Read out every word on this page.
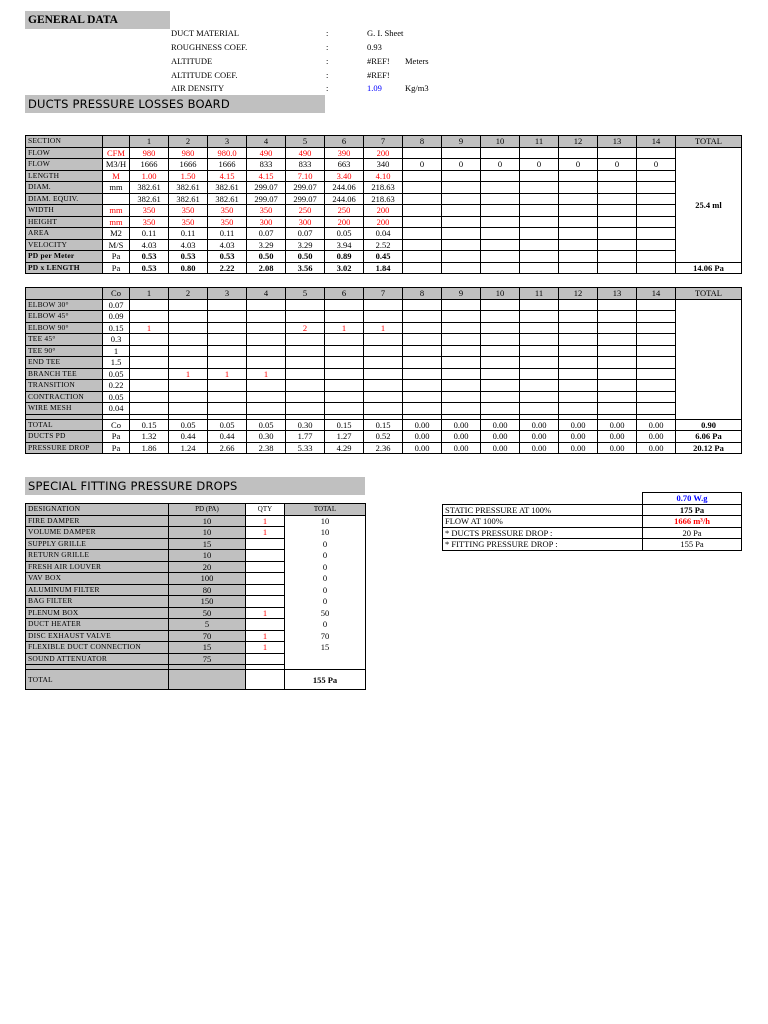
GENERAL DATA
DUCT MATERIAL	:	G. I. Sheet
ROUGHNESS COEF.	:	0.93
ALTITUDE	:	#REF!	Meters
ALTITUDE COEF.	:	#REF!
AIR DENSITY	:	1.09	Kg/m3
DUCTS PRESSURE LOSSES BOARD
SECTION		1	2	3	4	5	6	7	8	9	10	11	12	13	14	TOTAL
FLOW	CFM	980	980	980.0	490	490	390	200								25.4 ml
FLOW	M3/H	1666	1666	1666	833	833	663	340	0	0	0	0	0	0	0	
LENGTH	M	1.00	1.50	4.15	4.15	7.10	3.40	4.10								
DIAM.	mm	382.61	382.61	382.61	299.07	299.07	244.06	218.63								
DIAM. EQUIV.		382.61	382.61	382.61	299.07	299.07	244.06	218.63								
WIDTH	mm	350	350	350	350	250	250	200								
HEIGHT	mm	350	350	350	300	300	200	200								
AREA	M2	0.11	0.11	0.11	0.07	0.07	0.05	0.04								
VELOCITY	M/S	4.03	4.03	4.03	3.29	3.29	3.94	2.52								
PD per Meter	Pa	0.53	0.53	0.53	0.50	0.50	0.89	0.45								
PD x LENGTH	Pa	0.53	0.80	2.22	2.08	3.56	3.02	1.84								14.06 Pa
	Co	1	2	3	4	5	6	7	8	9	10	11	12	13	14	TOTAL
ELBOW 30°	0.07															
ELBOW 45°	0.09															
ELBOW 90°	0.15	1				2	1	1								
TEE 45°	0.3															
TEE 90°	1															
END TEE	1.5															
BRANCH TEE	0.05		1	1	1											
TRANSITION	0.22															
CONTRACTION	0.05															
WIRE MESH	0.04															

TOTAL	Co	0.15	0.05	0.05	0.05	0.30	0.15	0.15	0.00	0.00	0.00	0.00	0.00	0.00	0.00	0.90
DUCTS PD	Pa	1.32	0.44	0.44	0.30	1.77	1.27	0.52	0.00	0.00	0.00	0.00	0.00	0.00	0.00	6.06 Pa
PRESSURE DROP	Pa	1.86	1.24	2.66	2.38	5.33	4.29	2.36	0.00	0.00	0.00	0.00	0.00	0.00	0.00	20.12 Pa
SPECIAL FITTING PRESSURE DROPS
DESIGNATION	PD (PA)	QTY	TOTAL
FIRE DAMPER	10	1	10
VOLUME DAMPER	10	1	10
SUPPLY GRILLE	15		0
RETURN GRILLE	10		0
FRESH AIR LOUVER	20		0
VAV BOX	100		0
ALUMINUM FILTER	80		0
BAG FILTER	150		0
PLENUM BOX	50	1	50
DUCT HEATER	5		0
DISC EXHAUST VALVE	70	1	70
FLEXIBLE DUCT CONNECTION	15	1	15
SOUND ATTENUATOR	75		

TOTAL			155 Pa
	0.70 W.g
STATIC PRESSURE AT 100%	175 Pa
FLOW AT 100%	1666 m³/h
* DUCTS PRESSURE DROP :	20 Pa
* FITTING PRESSURE DROP :	155 Pa
